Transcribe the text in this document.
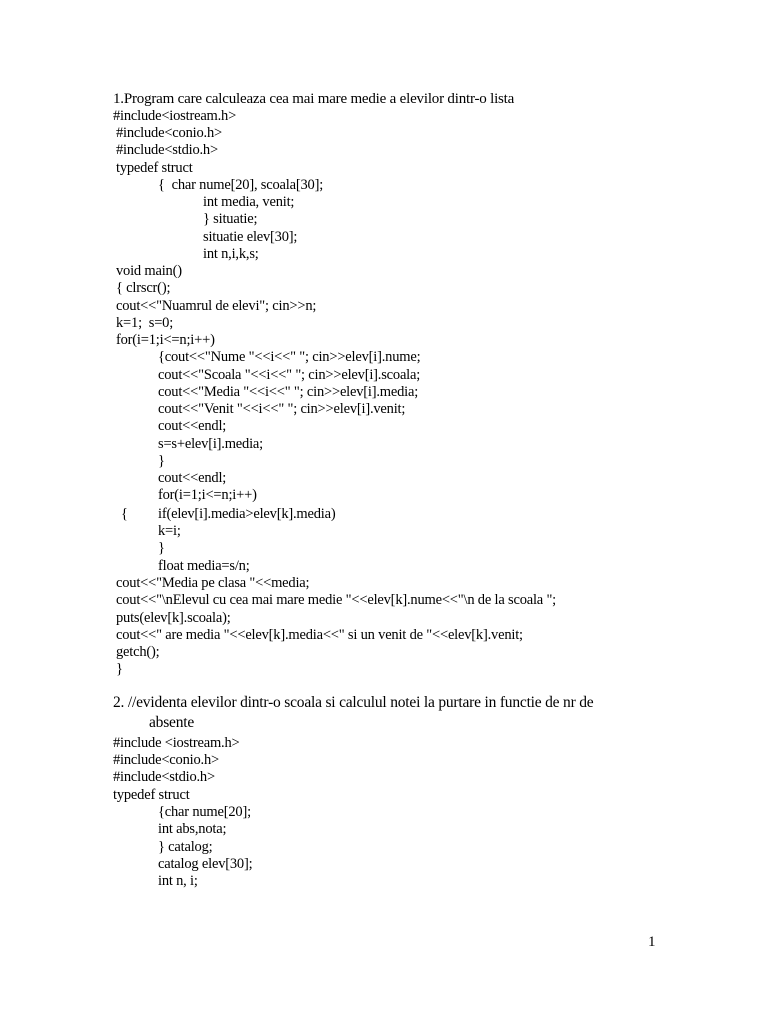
1.Program care calculeaza cea mai mare medie a elevilor dintr-o lista
#include<iostream.h>
#include<conio.h>
#include<stdio.h>
typedef struct
{  char nume[20], scoala[30];
int media, venit;
} situatie;
situatie elev[30];
int n,i,k,s;
void main()
{ clrscr();
cout<<"Nuamrul de elevi"; cin>>n;
k=1;  s=0;
for(i=1;i<=n;i++)
{cout<<"Nume "<<i<<" "; cin>>elev[i].nume;
cout<<"Scoala "<<i<<" "; cin>>elev[i].scoala;
cout<<"Media "<<i<<" "; cin>>elev[i].media;
cout<<"Venit "<<i<<" "; cin>>elev[i].venit;
cout<<endl;
s=s+elev[i].media;
}
cout<<endl;
for(i=1;i<=n;i++)
{ if(elev[i].media>elev[k].media)
k=i;
}
float media=s/n;
cout<<"Media pe clasa "<<media;
cout<<"\nElevul cu cea mai mare medie "<<elev[k].nume<<"\n de la scoala ";
puts(elev[k].scoala);
cout<<" are media "<<elev[k].media<<" si un venit de "<<elev[k].venit;
getch();
}
2. //evidenta elevilor dintr-o scoala si calculul notei la purtare in functie de nr de
absente
#include <iostream.h>
#include<conio.h>
#include<stdio.h>
typedef struct
{char nume[20];
int abs,nota;
} catalog;
catalog elev[30];
int n, i;
1
